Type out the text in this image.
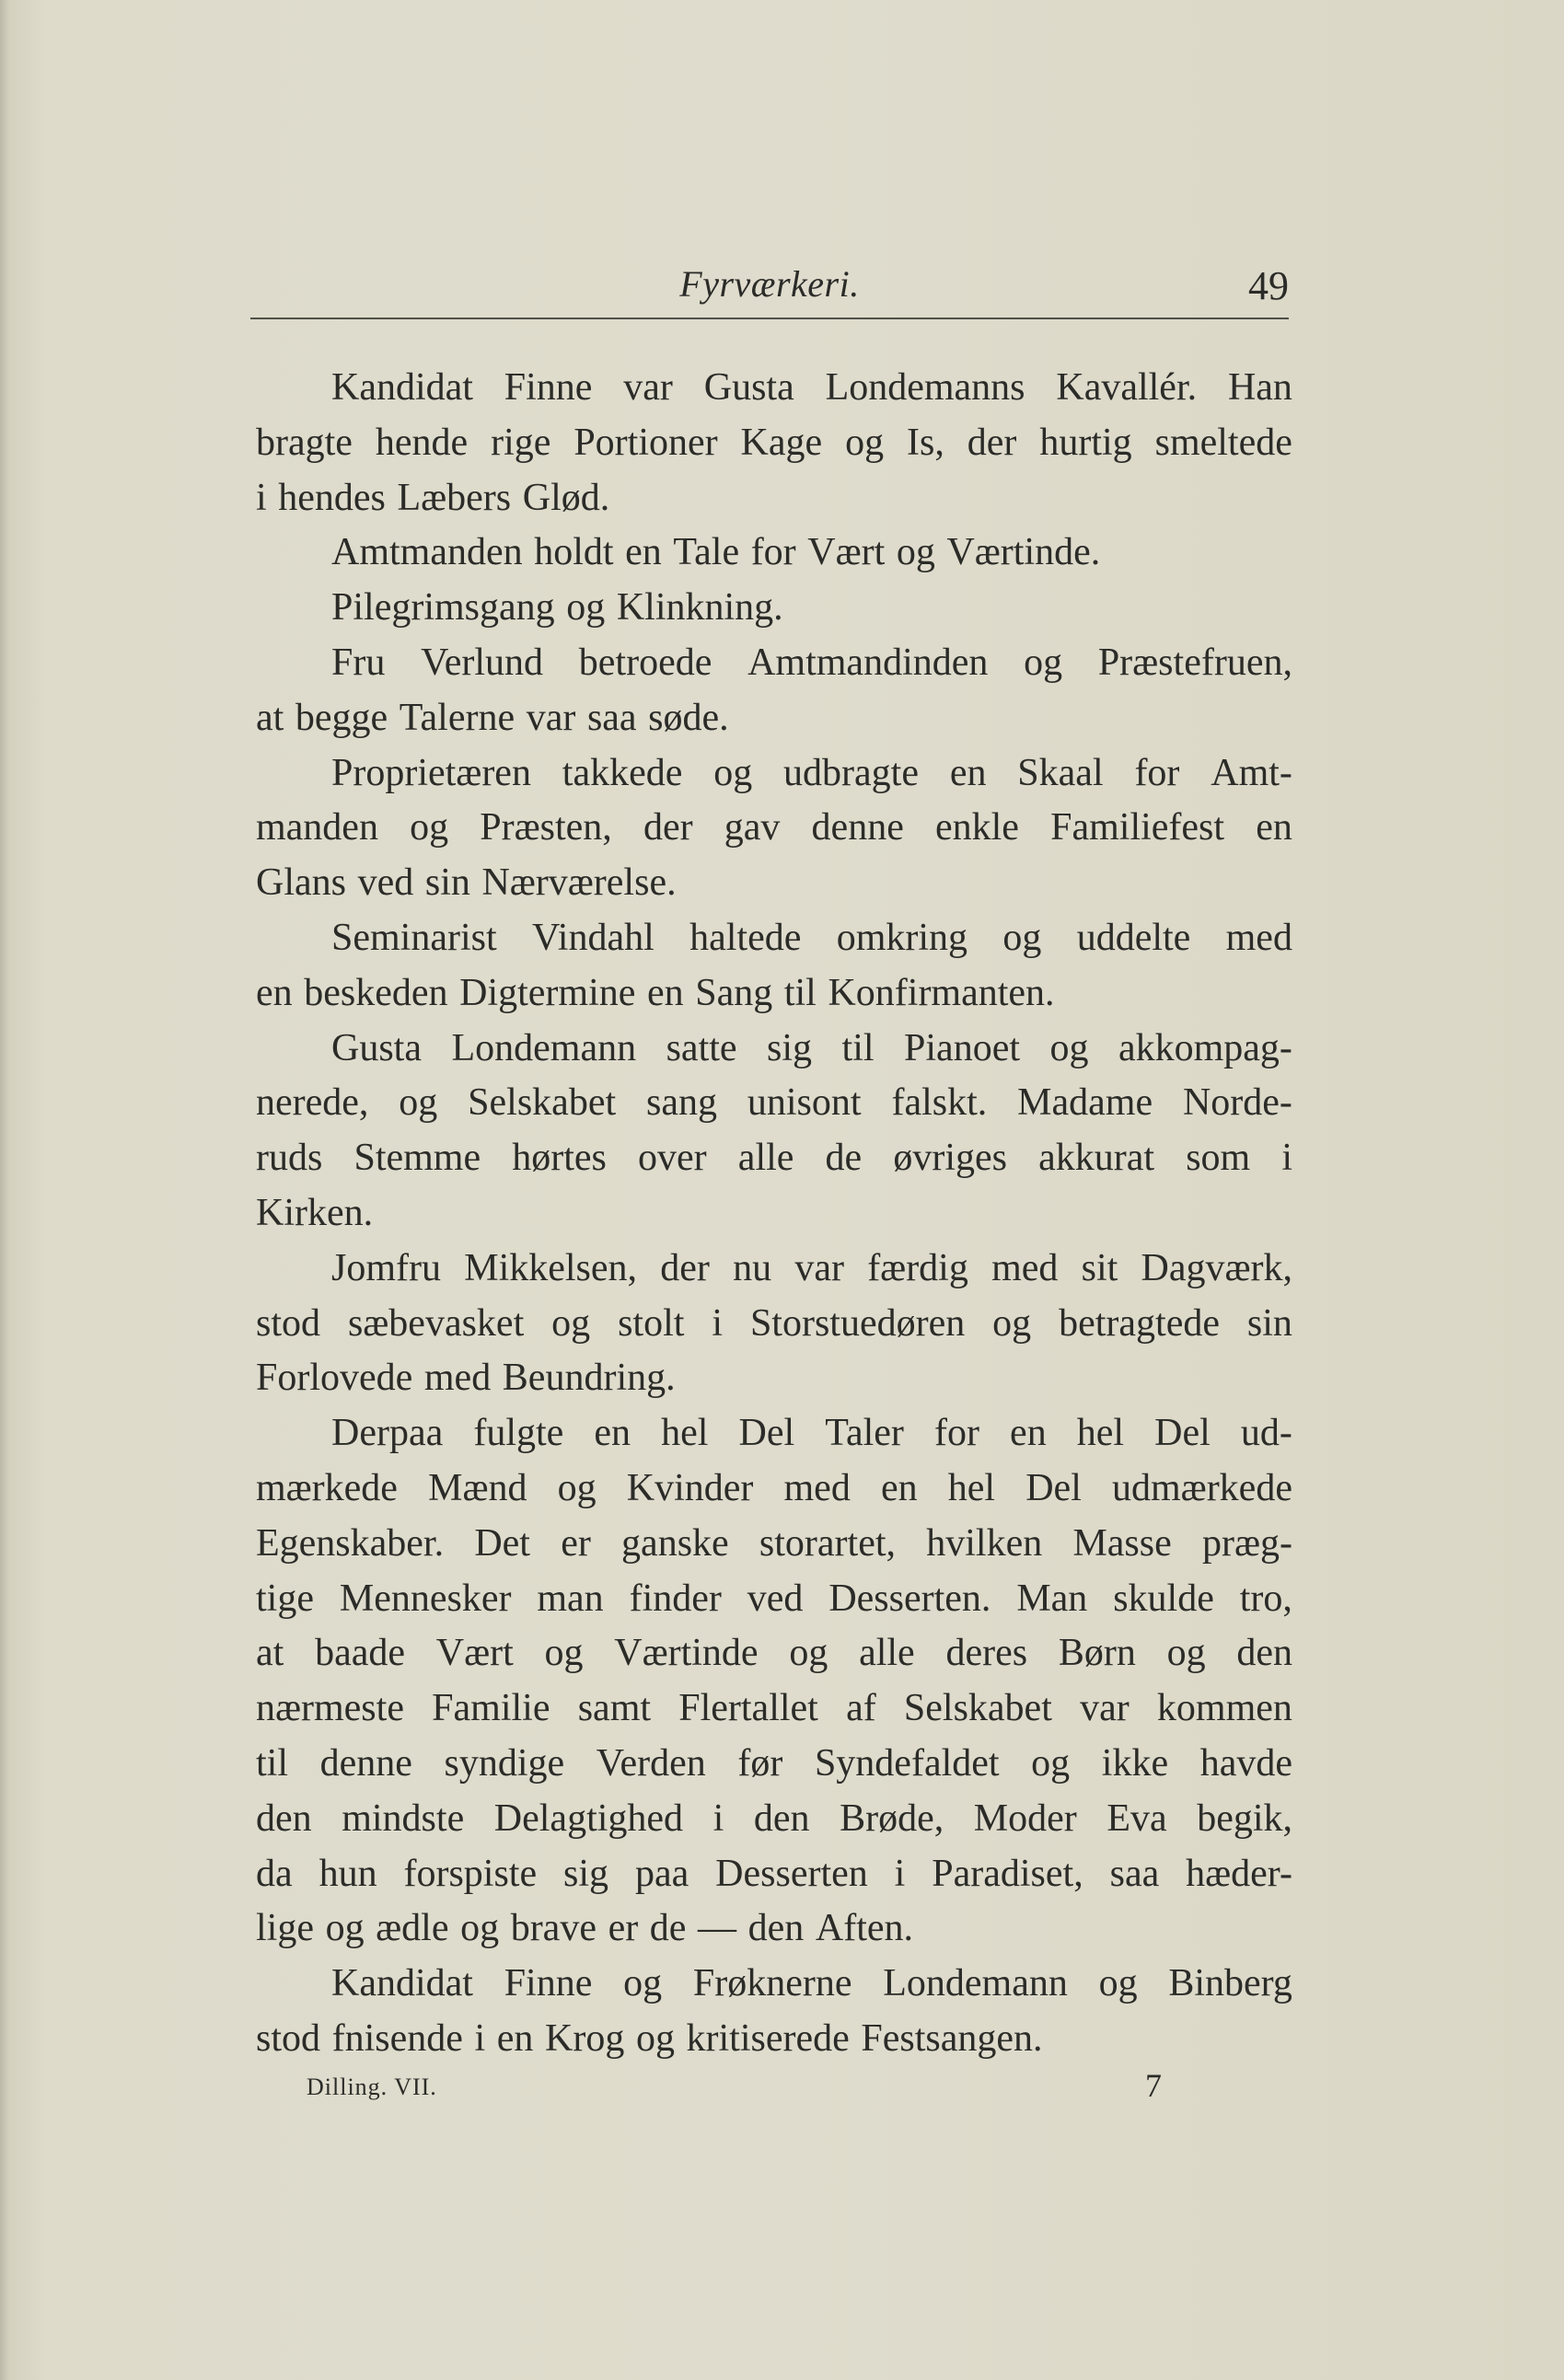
Fyrværkeri.	49
Kandidat Finne var Gusta Londemanns Kavallér. Han
bragte hende rige Portioner Kage og Is, der hurtig smeltede
i hendes Læbers Glød.
Amtmanden holdt en Tale for Vært og Værtinde.
Pilegrimsgang og Klinkning.
Fru Verlund betroede Amtmandinden og Præstefruen,
at begge Talerne var saa søde.
Proprietæren takkede og udbragte en Skaal for Amt-
manden og Præsten, der gav denne enkle Familiefest en
Glans ved sin Nærværelse.
Seminarist Vindahl haltede omkring og uddelte med
en beskeden Digtermine en Sang til Konfirmanten.
Gusta Londemann satte sig til Pianoet og akkompag-
nerede, og Selskabet sang unisont falskt. Madame Norde-
ruds Stemme hørtes over alle de øvriges akkurat som i
Kirken.
Jomfru Mikkelsen, der nu var færdig med sit Dagværk,
stod sæbevasket og stolt i Storstuedøren og betragtede sin
Forlovede med Beundring.
Derpaa fulgte en hel Del Taler for en hel Del ud-
mærkede Mænd og Kvinder med en hel Del udmærkede
Egenskaber. Det er ganske storartet, hvilken Masse præg-
tige Mennesker man finder ved Desserten. Man skulde tro,
at baade Vært og Værtinde og alle deres Børn og den
nærmeste Familie samt Flertallet af Selskabet var kommen
til denne syndige Verden før Syndefaldet og ikke havde
den mindste Delagtighed i den Brøde, Moder Eva begik,
da hun forspiste sig paa Desserten i Paradiset, saa hæder-
lige og ædle og brave er de — den Aften.
Kandidat Finne og Frøknerne Londemann og Binberg
stod fnisende i en Krog og kritiserede Festsangen.
Dilling. VII.	7
